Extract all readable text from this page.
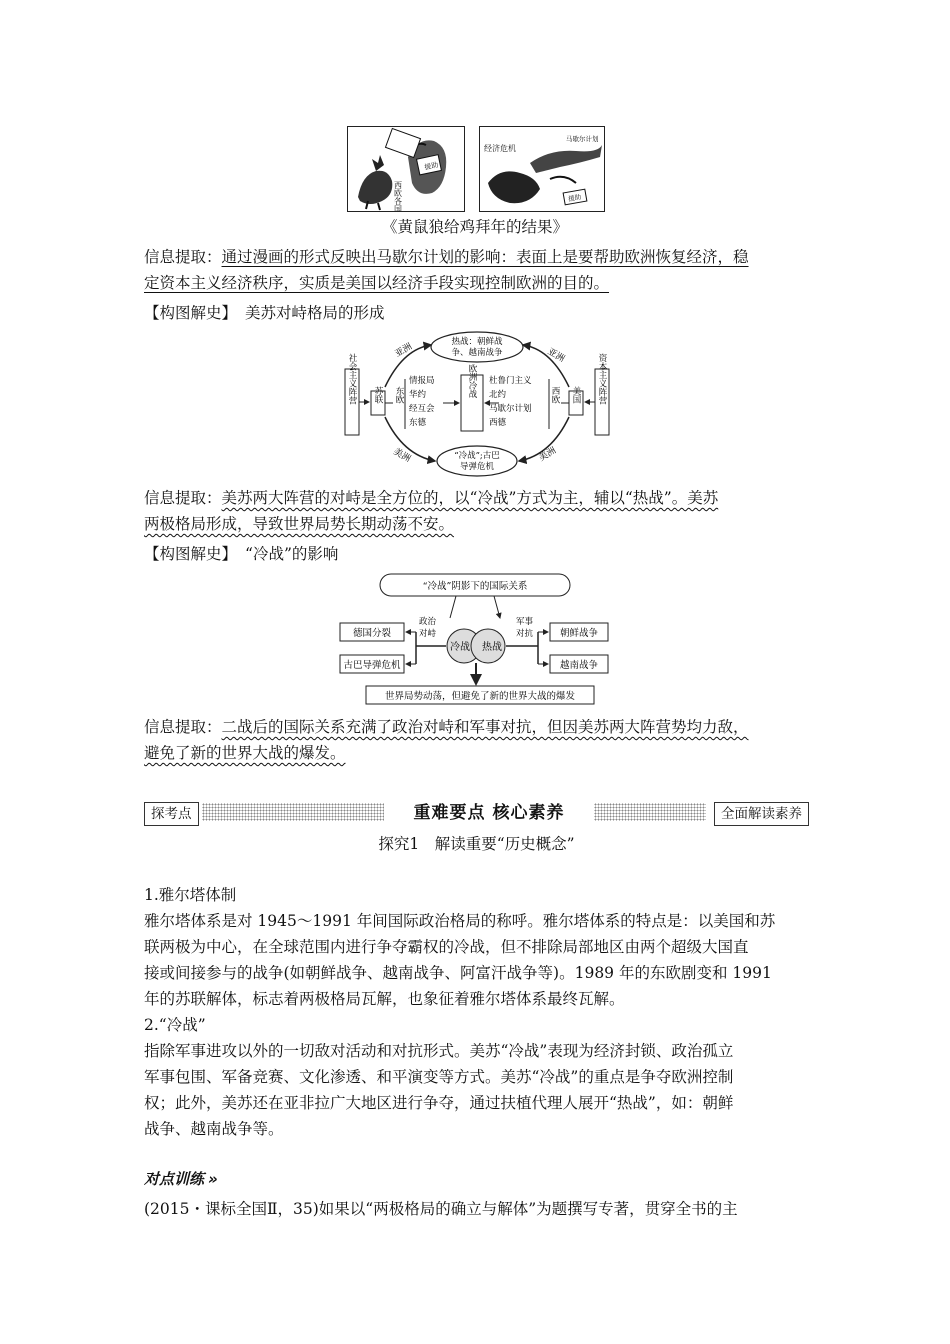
西欧各国
援助
经济危机
马歇尔计划
援助
《黄鼠狼给鸡拜年的结果》
信息提取：通过漫画的形式反映出马歇尔计划的影响：表面上是要帮助欧洲恢复经济，稳
定资本主义经济秩序，实质是美国以经济手段实现控制欧洲的目的。
【构图解史】 美苏对峙格局的形成
亚洲	亚洲
美洲	美洲
热战：朝鲜战
争、越南战争
“冷战”;古巴
导弹危机
社会主义阵营	资本主义阵营
苏联	美国
东欧	西欧
情报局
华约
经互会
东德
欧洲冷战 杜鲁门主义
北约
马歇尔计划
西德
信息提取：美苏两大阵营的对峙是全方位的，以“冷战”方式为主，辅以“热战”。美苏
两极格局形成，导致世界局势长期动荡不安。
【构图解史】 “冷战”的影响
“冷战”阴影下的国际关系
政治
对峙
军事
对抗
冷战 热战
德国分裂
古巴导弹危机
朝鲜战争
越南战争
世界局势动荡，但避免了新的世界大战的爆发
信息提取：二战后的国际关系充满了政治对峙和军事对抗，但因美苏两大阵营势均力敌，
避免了新的世界大战的爆发。
探考点	重难要点 核心素养	全面解读素养
探究1　解读重要“历史概念”
1.雅尔塔体制
雅尔塔体系是对 1945～1991 年间国际政治格局的称呼。雅尔塔体系的特点是：以美国和苏
联两极为中心，在全球范围内进行争夺霸权的冷战，但不排除局部地区由两个超级大国直
接或间接参与的战争(如朝鲜战争、越南战争、阿富汗战争等)。1989 年的东欧剧变和 1991
年的苏联解体，标志着两极格局瓦解，也象征着雅尔塔体系最终瓦解。
2.“冷战”
指除军事进攻以外的一切敌对活动和对抗形式。美苏“冷战”表现为经济封锁、政治孤立
军事包围、军备竞赛、文化渗透、和平演变等方式。美苏“冷战”的重点是争夺欧洲控制
权；此外，美苏还在亚非拉广大地区进行争夺，通过扶植代理人展开“热战”，如：朝鲜
战争、越南战争等。
对点训练 »
(2015・课标全国Ⅱ，35)如果以“两极格局的确立与解体”为题撰写专著，贯穿全书的主
